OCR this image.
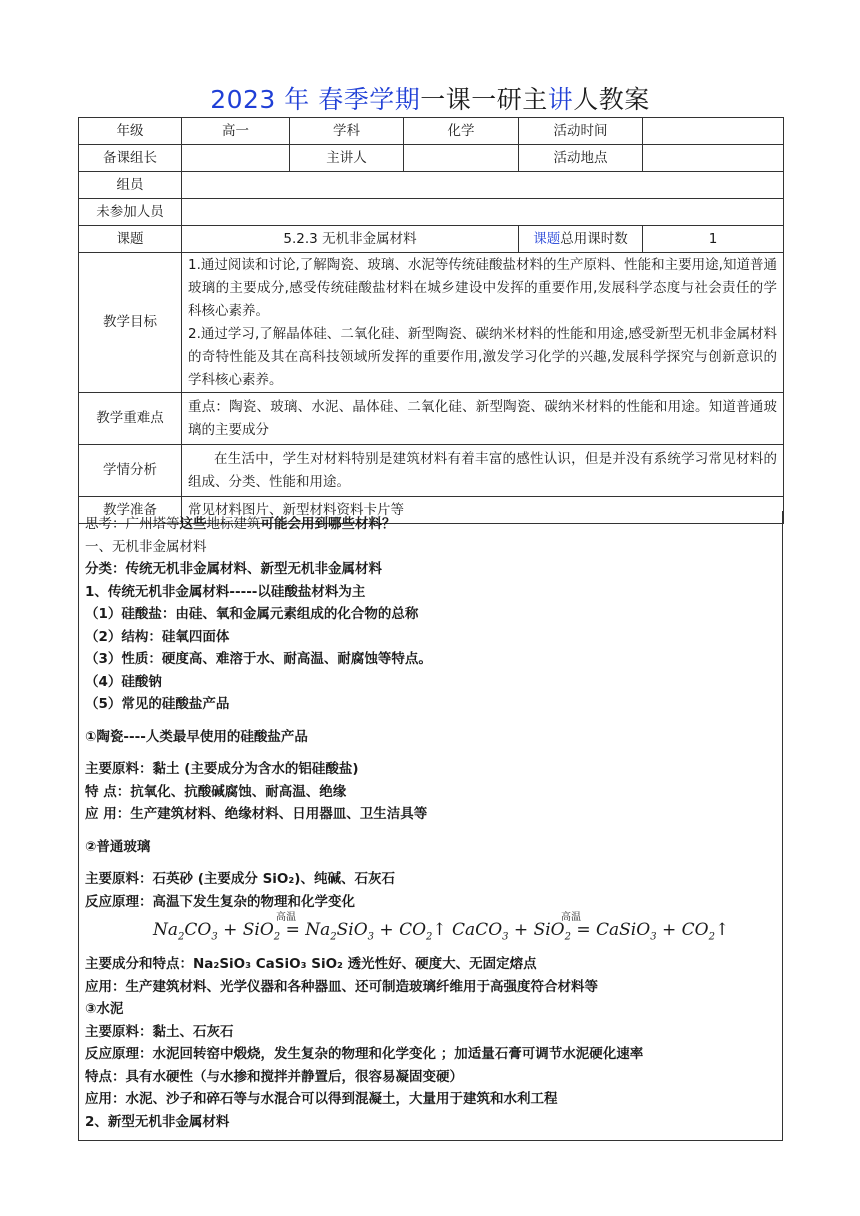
2023 年 春季学期一课一研主讲人教案
年级	高一	学科	化学	活动时间	
备课组长		主讲人		活动地点	
组员					
未参加人员					
课题	5.2.3 无机非金属材料			课题总用课时数	1
教学目标	1.通过阅读和讨论,了解陶瓷、玻璃、水泥等传统硅酸盐材料的生产原料、性能和主要用途,知道普通玻璃的主要成分,感受传统硅酸盐材料在城乡建设中发挥的重要作用,发展科学态度与社会责任的学科核心素养。
2.通过学习,了解晶体硅、二氧化硅、新型陶瓷、碳纳米材料的性能和用途,感受新型无机非金属材料的奇特性能及其在高科技领域所发挥的重要作用,激发学习化学的兴趣,发展科学探究与创新意识的学科核心素养。				

教学重难点	重点：陶瓷、玻璃、水泥、晶体硅、二氧化硅、新型陶瓷、碳纳米材料的性能和用途。知道普通玻璃的主要成分				
学情分析	在生活中，学生对材料特别是建筑材料有着丰富的感性认识，但是并没有系统学习常见材料的组成、分类、性能和用途。				
教学准备	常见材料图片、新型材料资料卡片等				
思考：广州塔等这些地标建筑可能会用到哪些材料？
一、无机非金属材料
分类：传统无机非金属材料、新型无机非金属材料
1、传统无机非金属材料-----以硅酸盐材料为主
（1）硅酸盐：由硅、氧和金属元素组成的化合物的总称
（2）结构：硅氧四面体
（3）性质：硬度高、难溶于水、耐高温、耐腐蚀等特点。
（4）硅酸钠
（5）常见的硅酸盐产品
①陶瓷----人类最早使用的硅酸盐产品
主要原料：黏土 (主要成分为含水的铝硅酸盐)
特 点：抗氧化、抗酸碱腐蚀、耐高温、绝缘
应 用：生产建筑材料、绝缘材料、日用器皿、卫生洁具等
②普通玻璃
主要原料：石英砂 (主要成分 SiO₂)、纯碱、石灰石
反应原理：高温下发生复杂的物理和化学变化
$Na_2CO_3 + SiO_2 = Na_2SiO_3$ + $CO_2↑$ CaCO$_3$ + SiO$_2$ = CaSiO$_3$ + $CO_2↑$
高温	高温
主要成分和特点：Na₂SiO₃ CaSiO₃ SiO₂ 透光性好、硬度大、无固定熔点
应用：生产建筑材料、光学仪器和各种器皿、还可制造玻璃纤维用于高强度符合材料等
③水泥
主要原料：黏土、石灰石
反应原理：水泥回转窑中煅烧，发生复杂的物理和化学变化 ；加适量石膏可调节水泥硬化速率
特点：具有水硬性（与水掺和搅拌并静置后，很容易凝固变硬）
应用：水泥、沙子和碎石等与水混合可以得到混凝土，大量用于建筑和水利工程
2、新型无机非金属材料
